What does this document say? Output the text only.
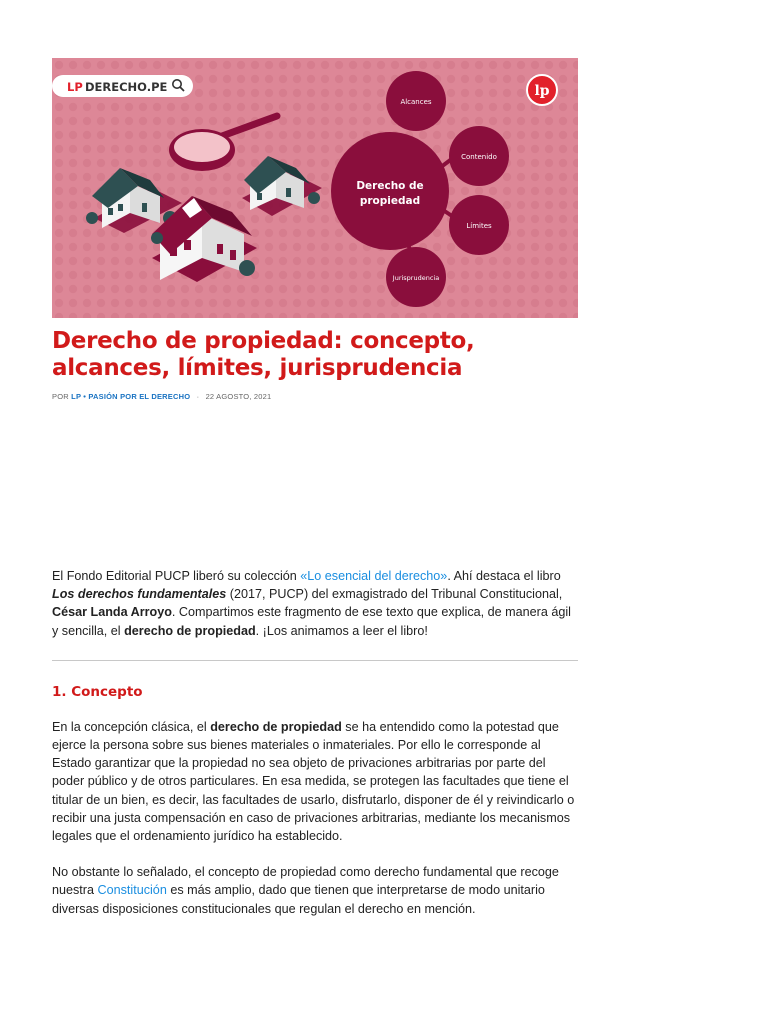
LP DERECHO.PE	lp
Derecho de
propiedad
Alcances
Contenido
Límites
Jurisprudencia
Derecho de propiedad: concepto, alcances, límites, jurisprudencia
POR LP • PASIÓN POR EL DERECHO · 22 AGOSTO, 2021

El Fondo Editorial PUCP liberó su colección «Lo esencial del derecho». Ahí destaca el libro Los derechos fundamentales (2017, PUCP) del exmagistrado del Tribunal Constitucional, César Landa Arroyo. Compartimos este fragmento de ese texto que explica, de manera ágil y sencilla, el derecho de propiedad. ¡Los animamos a leer el libro!

1. Concepto

En la concepción clásica, el derecho de propiedad se ha entendido como la potestad que ejerce la persona sobre sus bienes materiales o inmateriales. Por ello le corresponde al Estado garantizar que la propiedad no sea objeto de privaciones arbitrarias por parte del poder público y de otros particulares. En esa medida, se protegen las facultades que tiene el titular de un bien, es decir, las facultades de usarlo, disfrutarlo, disponer de él y reivindicarlo o recibir una justa compensación en caso de privaciones arbitrarias, mediante los mecanismos legales que el ordenamiento jurídico ha establecido.

No obstante lo señalado, el concepto de propiedad como derecho fundamental que recoge nuestra Constitución es más amplio, dado que tienen que interpretarse de modo unitario diversas disposiciones constitucionales que regulan el derecho en mención.
